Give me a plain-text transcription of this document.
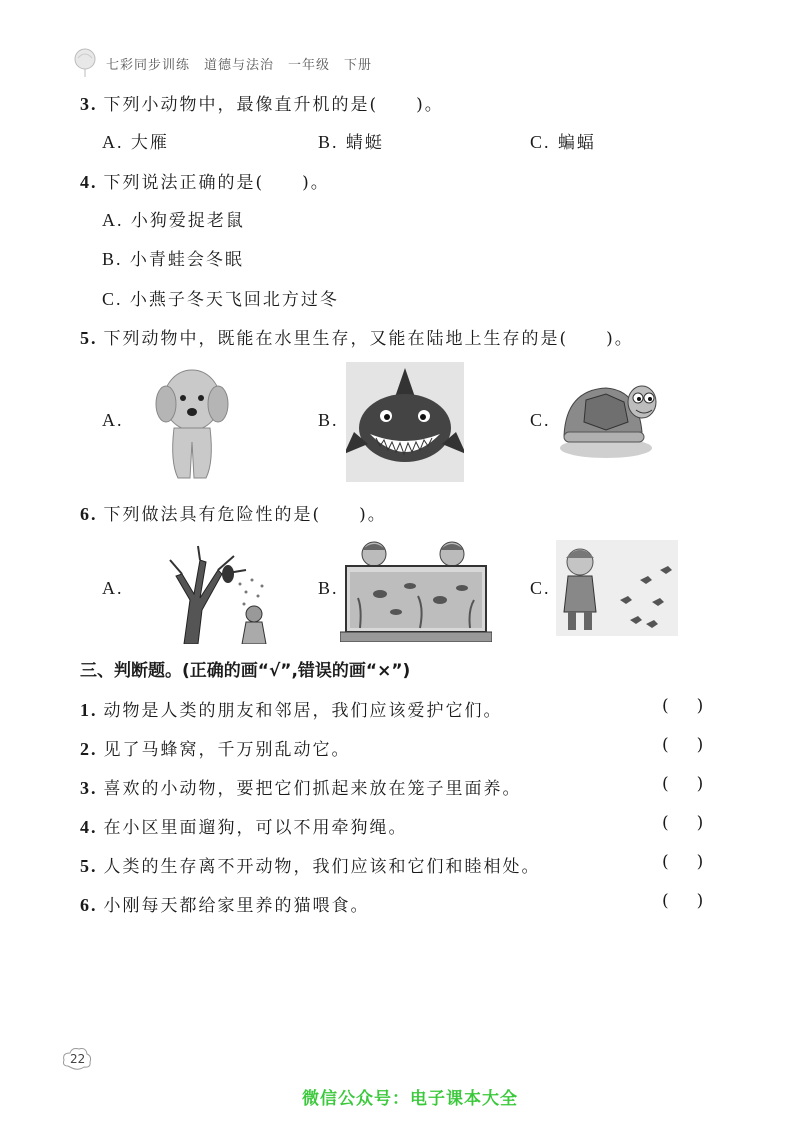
七彩同步训练　道德与法治　一年级　下册
3. 下列小动物中，最像直升机的是(　　)。
A. 大雁	B. 蜻蜓	C. 蝙蝠
4. 下列说法正确的是(　　)。
A. 小狗爱捉老鼠
B. 小青蛙会冬眠
C. 小燕子冬天飞回北方过冬
5. 下列动物中，既能在水里生存，又能在陆地上生存的是(　　)。
A.	B.	C.
6. 下列做法具有危险性的是(　　)。
A.	B.	C.
三、判断题。(正确的画“√”,错误的画“×”)
1. 动物是人类的朋友和邻居，我们应该爱护它们。	()
2. 见了马蜂窝，千万别乱动它。	()
3. 喜欢的小动物，要把它们抓起来放在笼子里面养。	()
4. 在小区里面遛狗，可以不用牵狗绳。	()
5. 人类的生存离不开动物，我们应该和它们和睦相处。	()
6. 小刚每天都给家里养的猫喂食。	()
22
微信公众号：电子课本大全
